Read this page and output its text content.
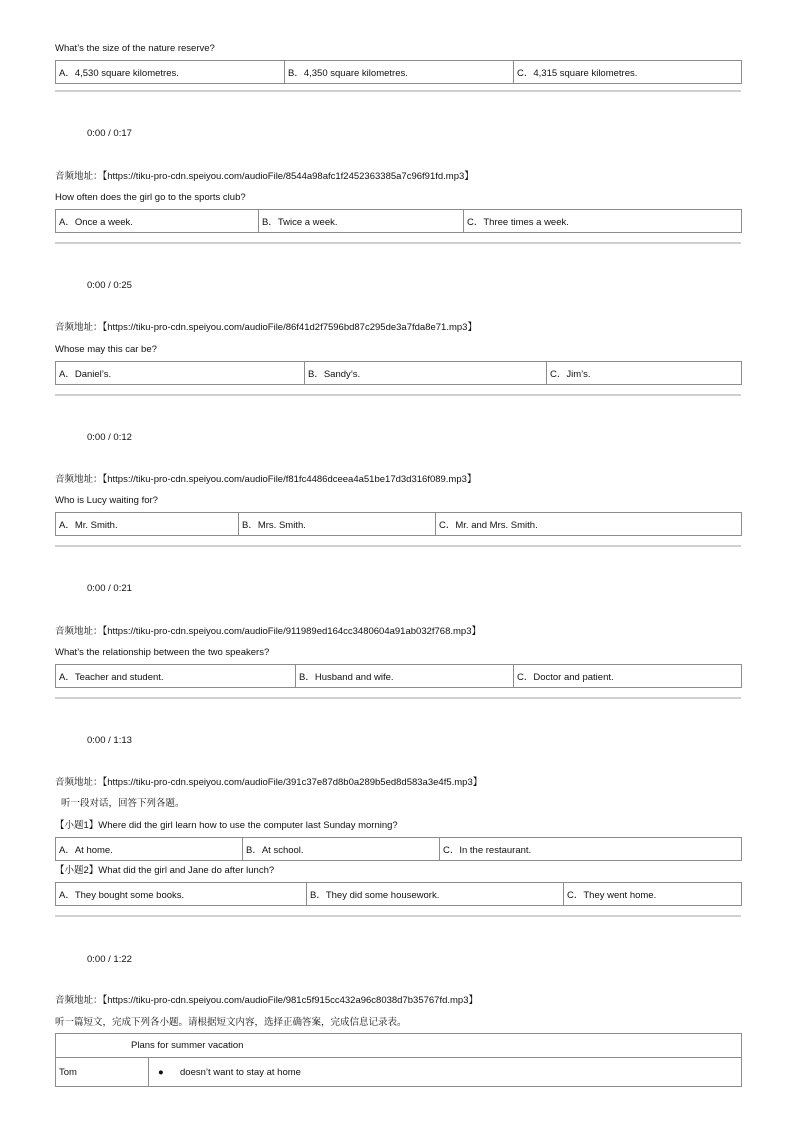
What’s the size of the nature reserve?
A．4,530 square kilometres.	B．4,350 square kilometres.	C．4,315 square kilometres.
0:00 / 0:17
音频地址：【https://tiku-pro-cdn.speiyou.com/audioFile/8544a98afc1f2452363385a7c96f91fd.mp3】
How often does the girl go to the sports club?
A．Once a week.	B．Twice a week.	C．Three times a week.
0:00 / 0:25
音频地址：【https://tiku-pro-cdn.speiyou.com/audioFile/86f41d2f7596bd87c295de3a7fda8e71.mp3】
Whose may this car be?
A．Daniel’s.	B．Sandy’s.	C．Jim’s.
0:00 / 0:12
音频地址：【https://tiku-pro-cdn.speiyou.com/audioFile/f81fc4486dceea4a51be17d3d316f089.mp3】
Who is Lucy waiting for?
A．Mr. Smith.	B．Mrs. Smith.	C．Mr. and Mrs. Smith.
0:00 / 0:21
音频地址：【https://tiku-pro-cdn.speiyou.com/audioFile/911989ed164cc3480604a91ab032f768.mp3】
What’s the relationship between the two speakers?
A．Teacher and student.	B．Husband and wife.	C．Doctor and patient.
0:00 / 1:13
音频地址：【https://tiku-pro-cdn.speiyou.com/audioFile/391c37e87d8b0a289b5ed8d583a3e4f5.mp3】
听一段对话，回答下列各题。
【小题1】Where did the girl learn how to use the computer last Sunday morning?
A．At home.	B．At school.	C．In the restaurant.
【小题2】What did the girl and Jane do after lunch?
A．They bought some books.	B．They did some housework.	C．They went home.
0:00 / 1:22
音频地址：【https://tiku-pro-cdn.speiyou.com/audioFile/981c5f915cc432a96c8038d7b35767fd.mp3】
听一篇短文，完成下列各小题。请根据短文内容，选择正确答案，完成信息记录表。
Plans for summer vacation
Tom	● doesn’t want to stay at home
